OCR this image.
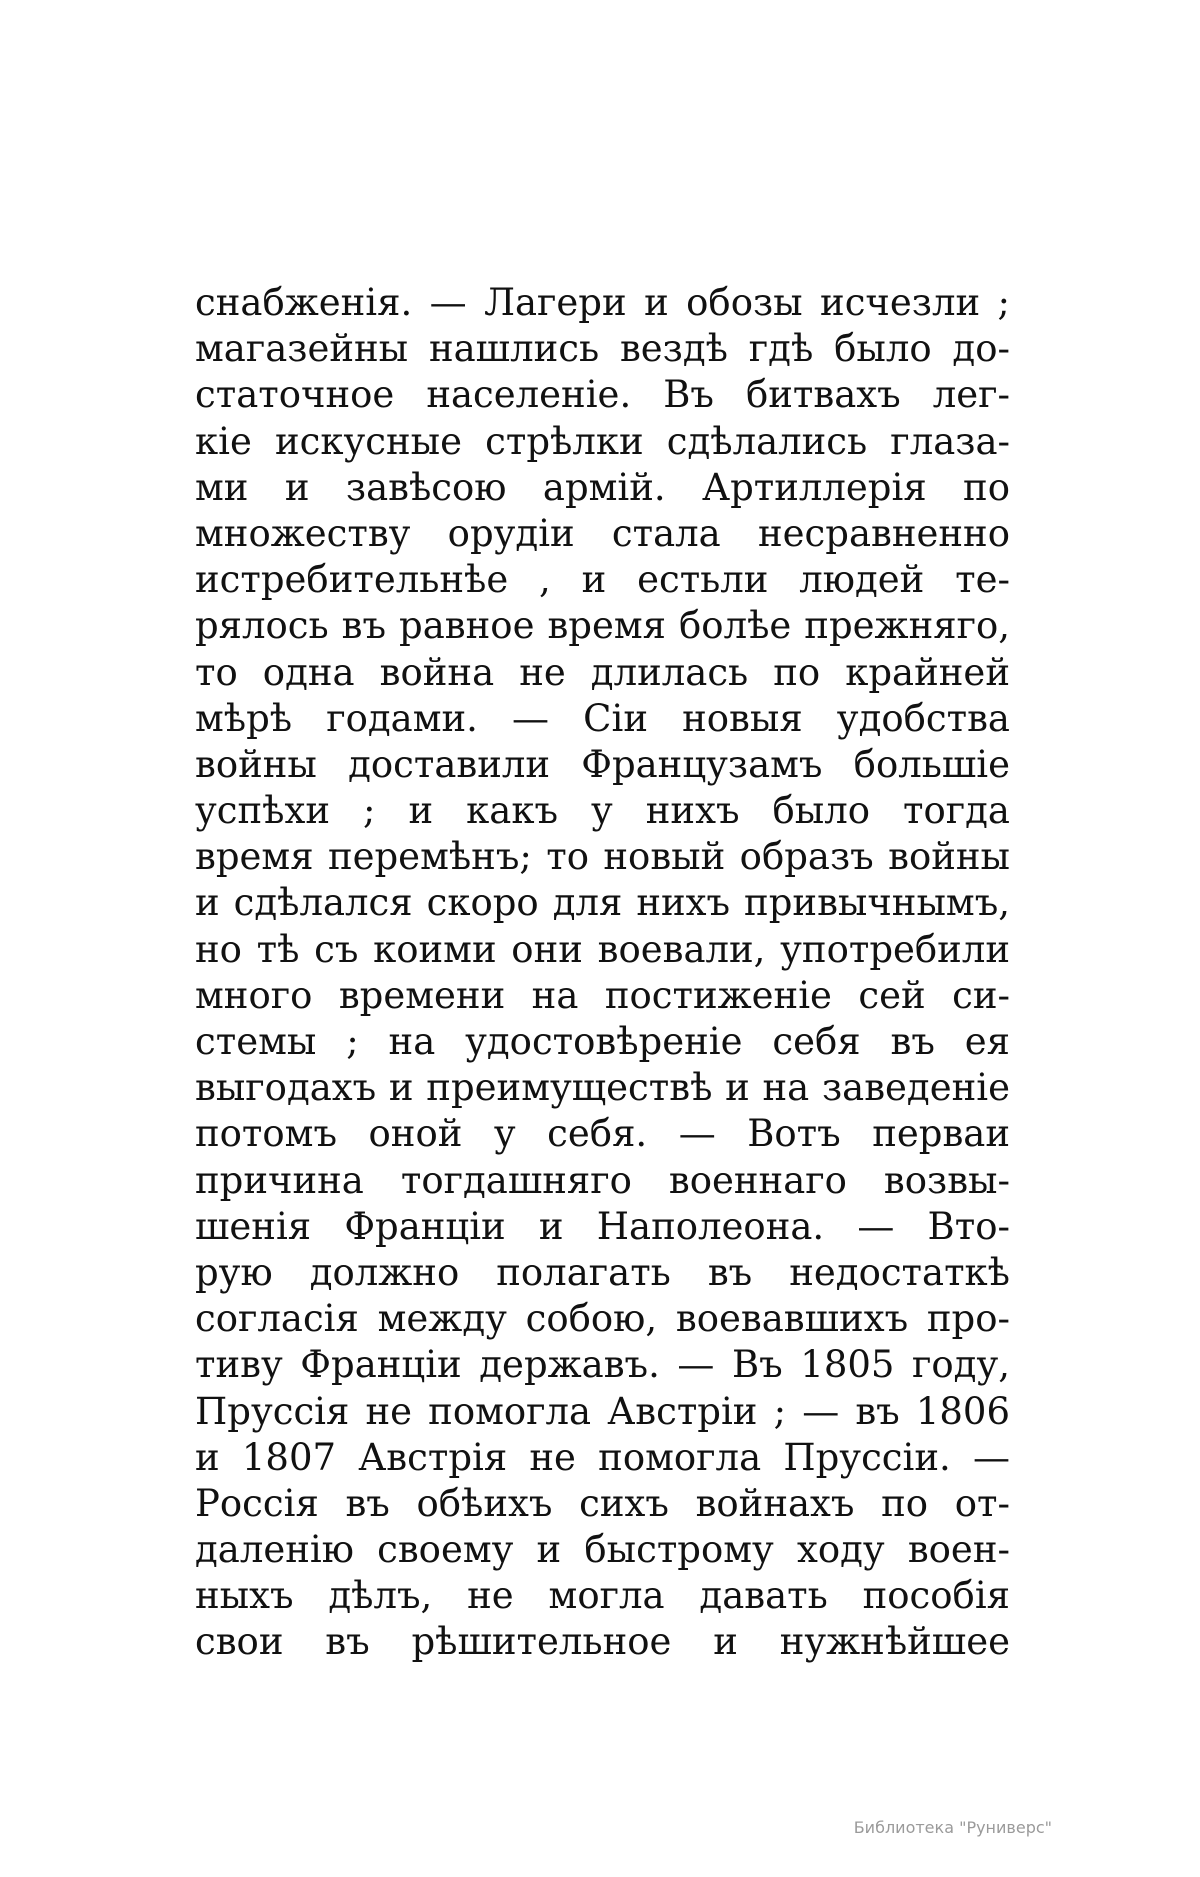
снабженія. — Лагери и обозы исчезли ;
магазейны нашлись вездѣ гдѣ было до-
статочное населеніе. Въ битвахъ лег-
кіе искусные стрѣлки сдѣлались глаза-
ми и завѣсою армій. Артиллерія по
множеству орудіи стала несравненно
истребительнѣе , и естьли людей те-
рялось въ равное время болѣе прежняго,
то одна война не длилась по крайней
мѣрѣ годами. — Сіи новыя удобства
войны доставили Французамъ большіе
успѣхи ; и какъ у нихъ было тогда
время перемѣнъ; то новый образъ войны
и сдѣлался скоро для нихъ привычнымъ,
но тѣ съ коими они воевали, употребили
много времени на постиженіе сей си-
стемы ; на удостовѣреніе себя въ ея
выгодахъ и преимуществѣ и на заведеніе
потомъ оной у себя. — Вотъ перваи
причина тогдашняго военнаго возвы-
шенія Франціи и Наполеона. — Вто-
рую должно полагать въ недостаткѣ
согласія между собою, воевавшихъ про-
тиву Франціи державъ. — Въ 1805 году,
Пруссія не помогла Австріи ; — въ 1806
и 1807 Австрія не помогла Пруссіи. —
Россія въ обѣихъ сихъ войнахъ по от-
даленію своему и быстрому ходу воен-
ныхъ дѣлъ, не могла давать пособія
свои въ рѣшительное и нужнѣйшее
Библиотека "Руниверс"
